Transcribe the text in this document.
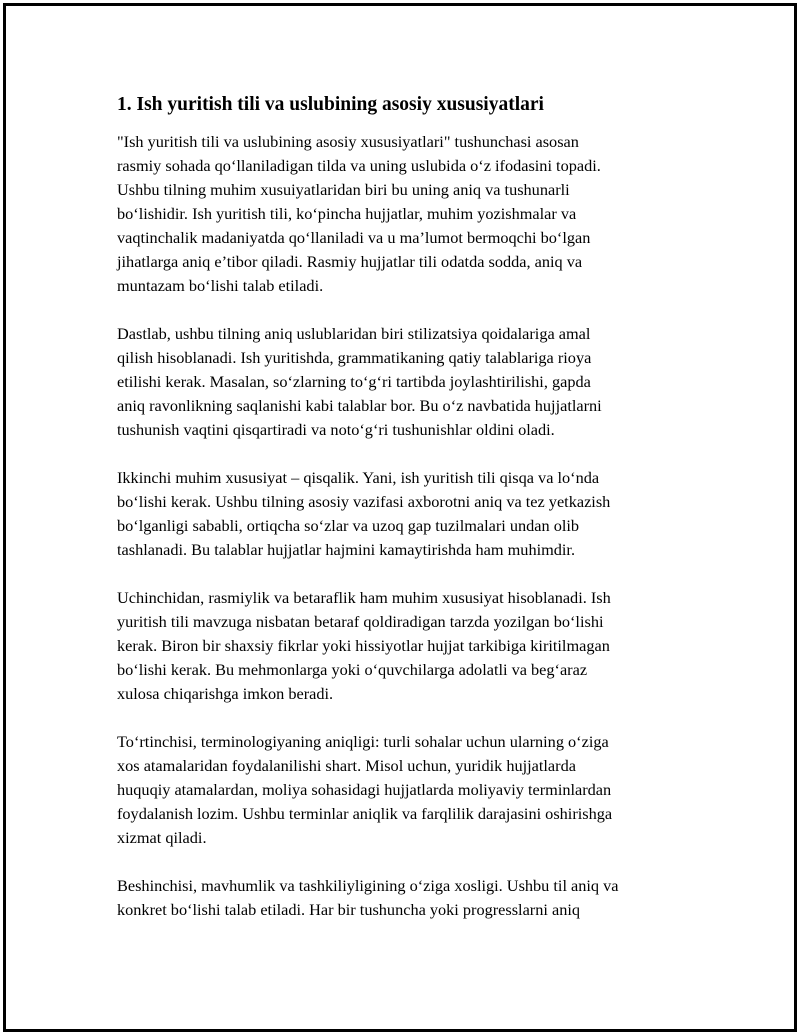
1. Ish yuritish tili va uslubining asosiy xususiyatlari
"Ish yuritish tili va uslubining asosiy xususiyatlari" tushunchasi asosan
rasmiy sohada qo‘llaniladigan tilda va uning uslubida o‘z ifodasini topadi.
Ushbu tilning muhim xusuiyatlaridan biri bu uning aniq va tushunarli
bo‘lishidir. Ish yuritish tili, ko‘pincha hujjatlar, muhim yozishmalar va
vaqtinchalik madaniyatda qo‘llaniladi va u ma’lumot bermoqchi bo‘lgan
jihatlarga aniq e’tibor qiladi. Rasmiy hujjatlar tili odatda sodda, aniq va
muntazam bo‘lishi talab etiladi.
Dastlab, ushbu tilning aniq uslublaridan biri stilizatsiya qoidalariga amal
qilish hisoblanadi. Ish yuritishda, grammatikaning qatiy talablariga rioya
etilishi kerak. Masalan, so‘zlarning to‘g‘ri tartibda joylashtirilishi, gapda
aniq ravonlikning saqlanishi kabi talablar bor. Bu o‘z navbatida hujjatlarni
tushunish vaqtini qisqartiradi va noto‘g‘ri tushunishlar oldini oladi.
Ikkinchi muhim xususiyat – qisqalik. Yani, ish yuritish tili qisqa va lo‘nda
bo‘lishi kerak. Ushbu tilning asosiy vazifasi axborotni aniq va tez yetkazish
bo‘lganligi sababli, ortiqcha so‘zlar va uzoq gap tuzilmalari undan olib
tashlanadi. Bu talablar hujjatlar hajmini kamaytirishda ham muhimdir.
Uchinchidan, rasmiylik va betaraflik ham muhim xususiyat hisoblanadi. Ish
yuritish tili mavzuga nisbatan betaraf qoldiradigan tarzda yozilgan bo‘lishi
kerak. Biron bir shaxsiy fikrlar yoki hissiyotlar hujjat tarkibiga kiritilmagan
bo‘lishi kerak. Bu mehmonlarga yoki o‘quvchilarga adolatli va beg‘araz
xulosa chiqarishga imkon beradi.
To‘rtinchisi, terminologiyaning aniqligi: turli sohalar uchun ularning o‘ziga
xos atamalaridan foydalanilishi shart. Misol uchun, yuridik hujjatlarda
huquqiy atamalardan, moliya sohasidagi hujjatlarda moliyaviy terminlardan
foydalanish lozim. Ushbu terminlar aniqlik va farqlilik darajasini oshirishga
xizmat qiladi.
Beshinchisi, mavhumlik va tashkiliyligining o‘ziga xosligi. Ushbu til aniq va
konkret bo‘lishi talab etiladi. Har bir tushuncha yoki progresslarni aniq
